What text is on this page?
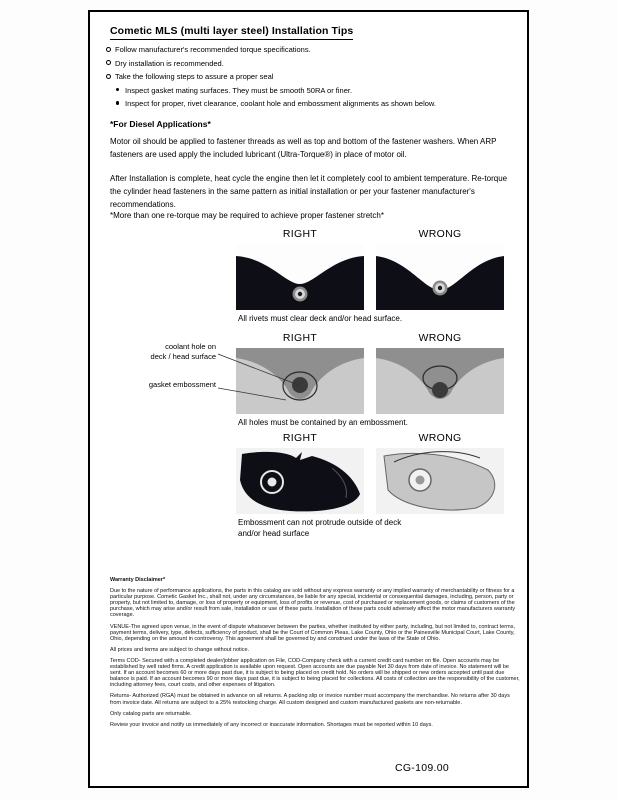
Cometic MLS (multi layer steel) Installation Tips
Follow manufacturer's recommended torque specifications.
Dry installation is recommended.
Take the following steps to assure a proper seal
Inspect gasket mating surfaces. They must be smooth 50RA or finer.
Inspect for proper, rivet clearance, coolant hole and embossment alignments as shown below.
*For Diesel Applications*
Motor oil should be applied to fastener threads as well as top and bottom of the fastener washers. When ARP fasteners are used apply the included lubricant (Ultra-Torque®) in place of motor oil.
After Installation is complete, heat cycle the engine then let it completely cool to ambient temperature. Re-torque the cylinder head fasteners in the same pattern as initial installation or per your fastener manufacturer's recommendations.
*More than one re-torque may be required to achieve proper fastener stretch*
RIGHT	WRONG
All rivets must clear deck and/or head surface.
RIGHT	WRONG
All holes must be contained by an embossment.
RIGHT	WRONG
Embossment can not protrude outside of deck and/or head surface
coolant hole on
deck / head surface
gasket embossment
Warranty Disclaimer*

Due to the nature of performance applications, the parts in this catalog are sold without any express warranty or any implied warranty of merchantability or fitness for a particular purpose. Cometic Gasket Inc., shall not, under any circumstances, be liable for any special, incidental or consequential damages, including, person, party or property, but not limited to, damage, or loss of property or equipment, loss of profits or revenue, cost of purchased or replacement goods, or claims of customers of the purchase, which may arise and/or result from sale, installation or use of these parts. Installation of these parts could adversely affect the motor manufacturers warranty coverage.

VENUE-The agreed upon venue, in the event of dispute whatsoever between the parties, whether instituted by either party, including, but not limited to, contract terms, payment terms, delivery, type, defects, sufficiency of product, shall be the Court of Common Pleas, Lake County, Ohio or the Painesville Municipal Court, Lake County, Ohio, depending on the amount in controversy. This agreement shall be governed by and construed under the laws of the State of Ohio.

All prices and terms are subject to change without notice.

Terms COD- Secured with a completed dealer/jobber application on File, COD-Company check with a current credit card number on file. Open accounts may be established by well rated firms. A credit application is available upon request. Open accounts are due payable Net 30 days from date of invoice. No statement will be sent. If an account becomes 60 or more days past due, it is subject to being placed on credit hold. No orders will be shipped or new orders accepted until past due balance is paid. If an account becomes 90 or more days past due, it is subject to being placed for collections. All costs of collection are the responsibility of the customer, including attorney fees, court costs, and other expenses of litigation.

Returns- Authorized (RGA) must be obtained in advance on all returns. A packing slip or invoice number must accompany the merchandise. No returns after 30 days from invoice date. All returns are subject to a 25% restocking charge. All custom designed and custom manufactured gaskets are non-returnable.

Only catalog parts are returnable.

Review your invoice and notify us immediately of any incorrect or inaccurate information. Shortages must be reported within 10 days.

CG-109.00
